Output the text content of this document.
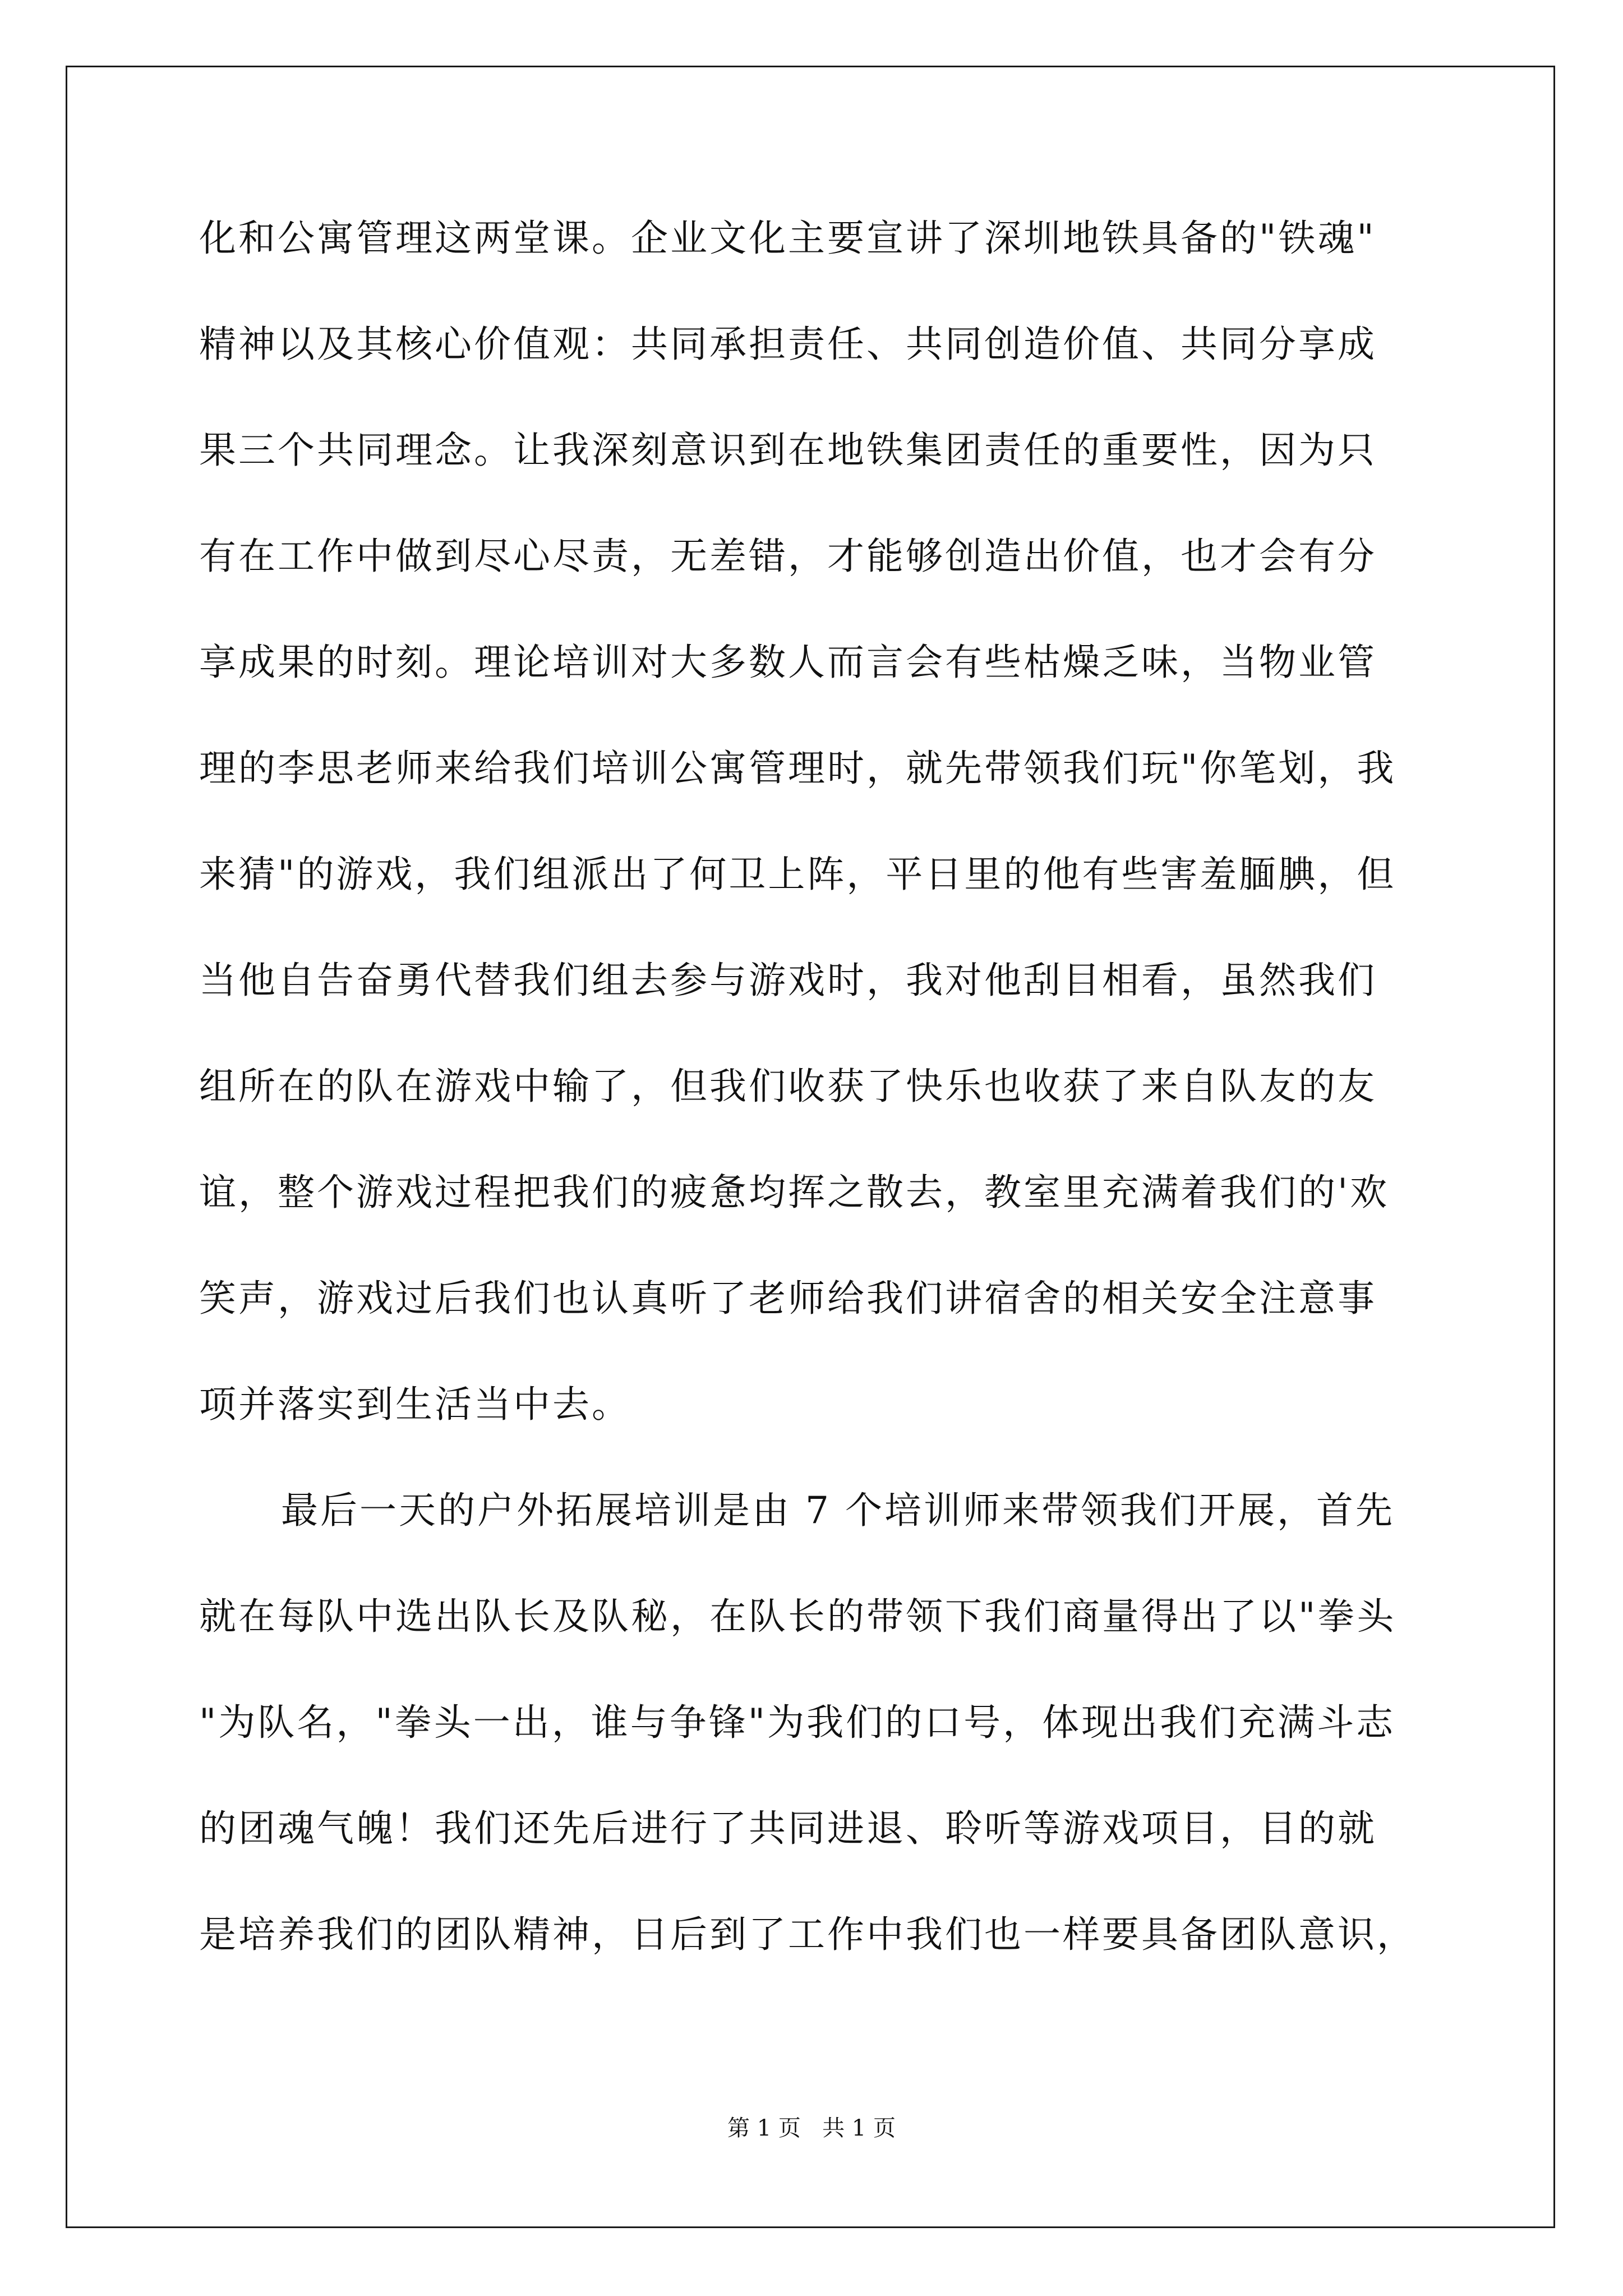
化和公寓管理这两堂课。企业文化主要宣讲了深圳地铁具备的"铁魂"
精神以及其核心价值观：共同承担责任、共同创造价值、共同分享成
果三个共同理念。让我深刻意识到在地铁集团责任的重要性，因为只
有在工作中做到尽心尽责，无差错，才能够创造出价值，也才会有分
享成果的时刻。理论培训对大多数人而言会有些枯燥乏味，当物业管
理的李思老师来给我们培训公寓管理时，就先带领我们玩"你笔划，我
来猜"的游戏，我们组派出了何卫上阵，平日里的他有些害羞腼腆，但
当他自告奋勇代替我们组去参与游戏时，我对他刮目相看，虽然我们
组所在的队在游戏中输了，但我们收获了快乐也收获了来自队友的友
谊，整个游戏过程把我们的疲惫均挥之散去，教室里充满着我们的'欢
笑声，游戏过后我们也认真听了老师给我们讲宿舍的相关安全注意事
项并落实到生活当中去。
最后一天的户外拓展培训是由 7 个培训师来带领我们开展，首先
就在每队中选出队长及队秘，在队长的带领下我们商量得出了以"拳头
"为队名，"拳头一出，谁与争锋"为我们的口号，体现出我们充满斗志
的团魂气魄！我们还先后进行了共同进退、聆听等游戏项目，目的就
是培养我们的团队精神，日后到了工作中我们也一样要具备团队意识，
第 1 页   共 1 页
